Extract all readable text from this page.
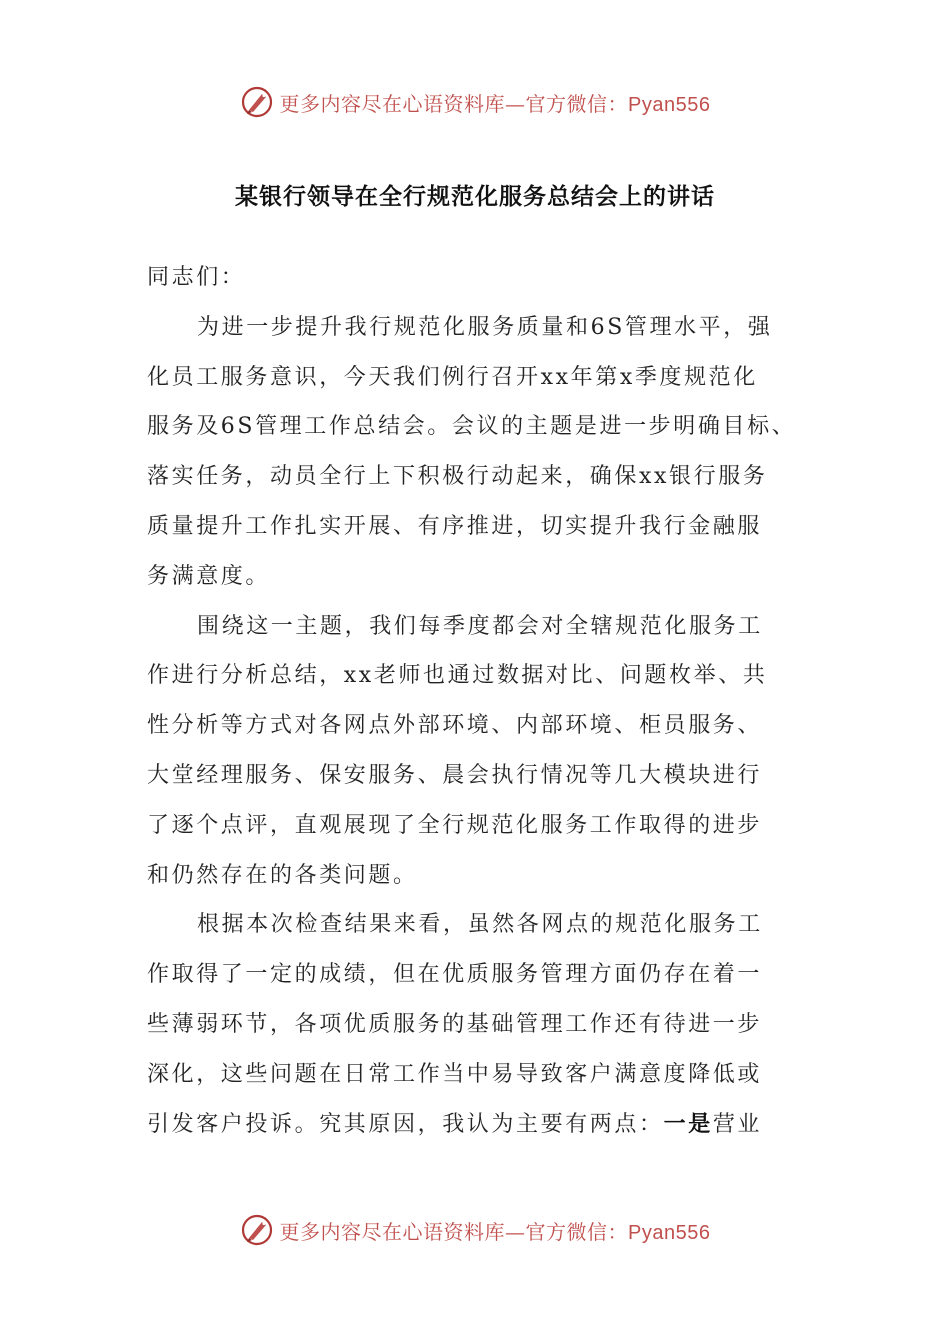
更多内容尽在心语资料库—官方微信：Pyan556
某银行领导在全行规范化服务总结会上的讲话
同志们：
为进一步提升我行规范化服务质量和6S管理水平，强
化员工服务意识，今天我们例行召开xx年第x季度规范化
服务及6S管理工作总结会。会议的主题是进一步明确目标、
落实任务，动员全行上下积极行动起来，确保xx银行服务
质量提升工作扎实开展、有序推进，切实提升我行金融服
务满意度。
围绕这一主题，我们每季度都会对全辖规范化服务工
作进行分析总结，xx老师也通过数据对比、问题枚举、共
性分析等方式对各网点外部环境、内部环境、柜员服务、
大堂经理服务、保安服务、晨会执行情况等几大模块进行
了逐个点评，直观展现了全行规范化服务工作取得的进步
和仍然存在的各类问题。
根据本次检查结果来看，虽然各网点的规范化服务工
作取得了一定的成绩，但在优质服务管理方面仍存在着一
些薄弱环节，各项优质服务的基础管理工作还有待进一步
深化，这些问题在日常工作当中易导致客户满意度降低或
引发客户投诉。究其原因，我认为主要有两点：一是营业
更多内容尽在心语资料库—官方微信：Pyan556
